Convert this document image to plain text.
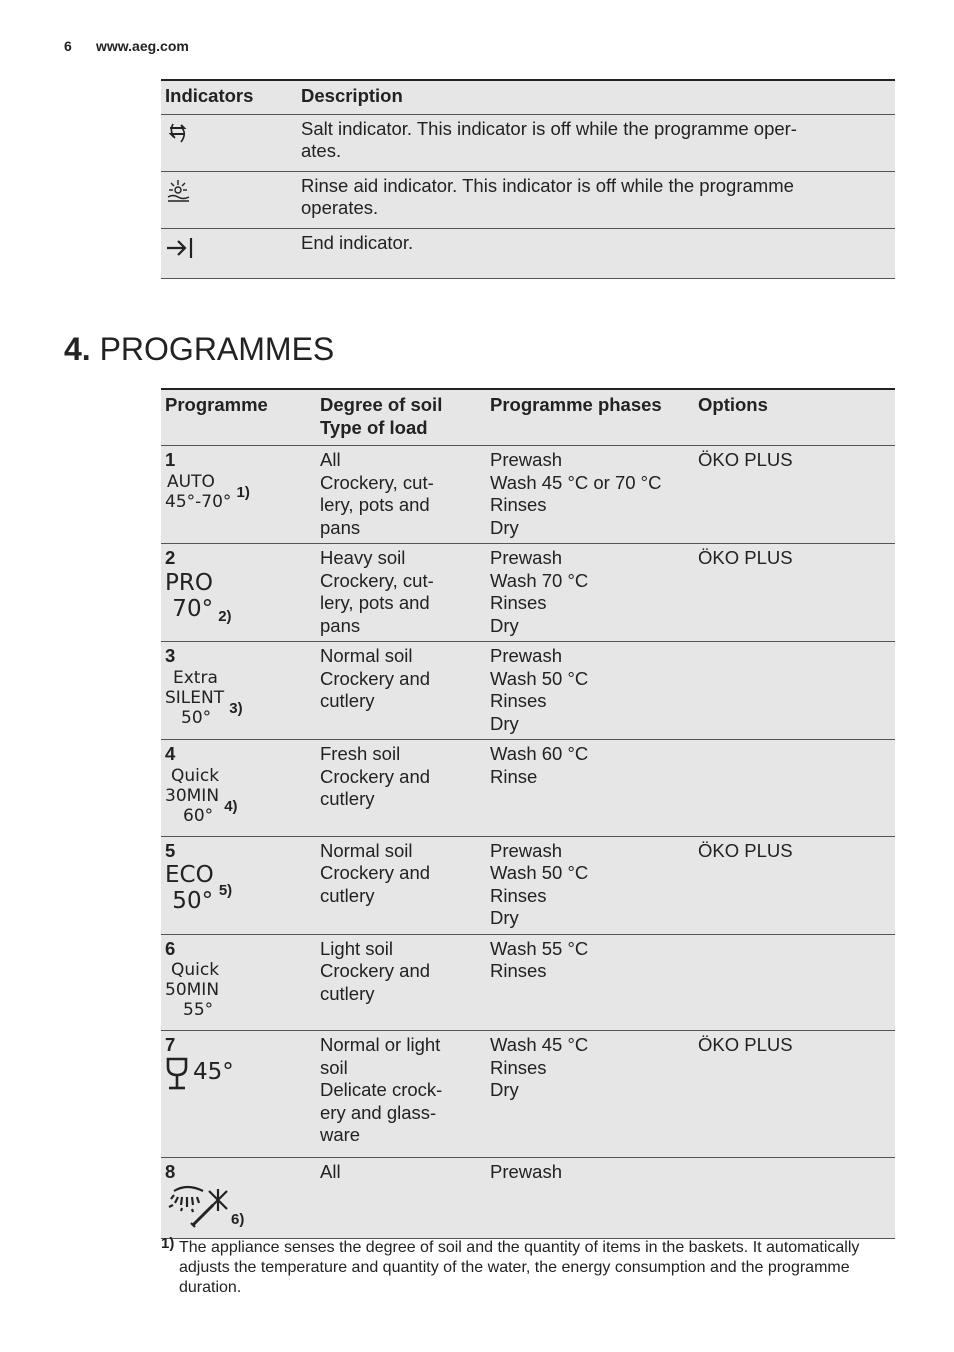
6 www.aeg.com
Indicators	Description
	Salt indicator. This indicator is off while the programme oper-
ates.
	Rinse aid indicator. This indicator is off while the programme
operates.
	End indicator.
4. PROGRAMMES
Programme	Degree of soil
Type of load	Programme phases	Options

1
AUTO
45°-70° 1)	All
Crockery, cut-
lery, pots and
pans	Prewash
Wash 45 °C or 70 °C
Rinses
Dry	ÖKO PLUS

2
PRO
70° 2)	Heavy soil
Crockery, cut-
lery, pots and
pans	Prewash
Wash 70 °C
Rinses
Dry	ÖKO PLUS

3
Extra
SILENT
50° 3)	Normal soil
Crockery and
cutlery	Prewash
Wash 50 °C
Rinses
Dry	

4
Quick
30MIN
60° 4)	Fresh soil
Crockery and
cutlery	Wash 60 °C
Rinse	

5
ECO
50° 5)	Normal soil
Crockery and
cutlery	Prewash
Wash 50 °C
Rinses
Dry	ÖKO PLUS

6
Quick
50MIN
55°	Light soil
Crockery and
cutlery	Wash 55 °C
Rinses	

7
45°	Normal or light
soil
Delicate crock-
ery and glass-
ware	Wash 45 °C
Rinses
Dry	ÖKO PLUS

8
6)	All	Prewash	
1) The appliance senses the degree of soil and the quantity of items in the baskets. It automatically adjusts the temperature and quantity of the water, the energy consumption and the programme duration.
